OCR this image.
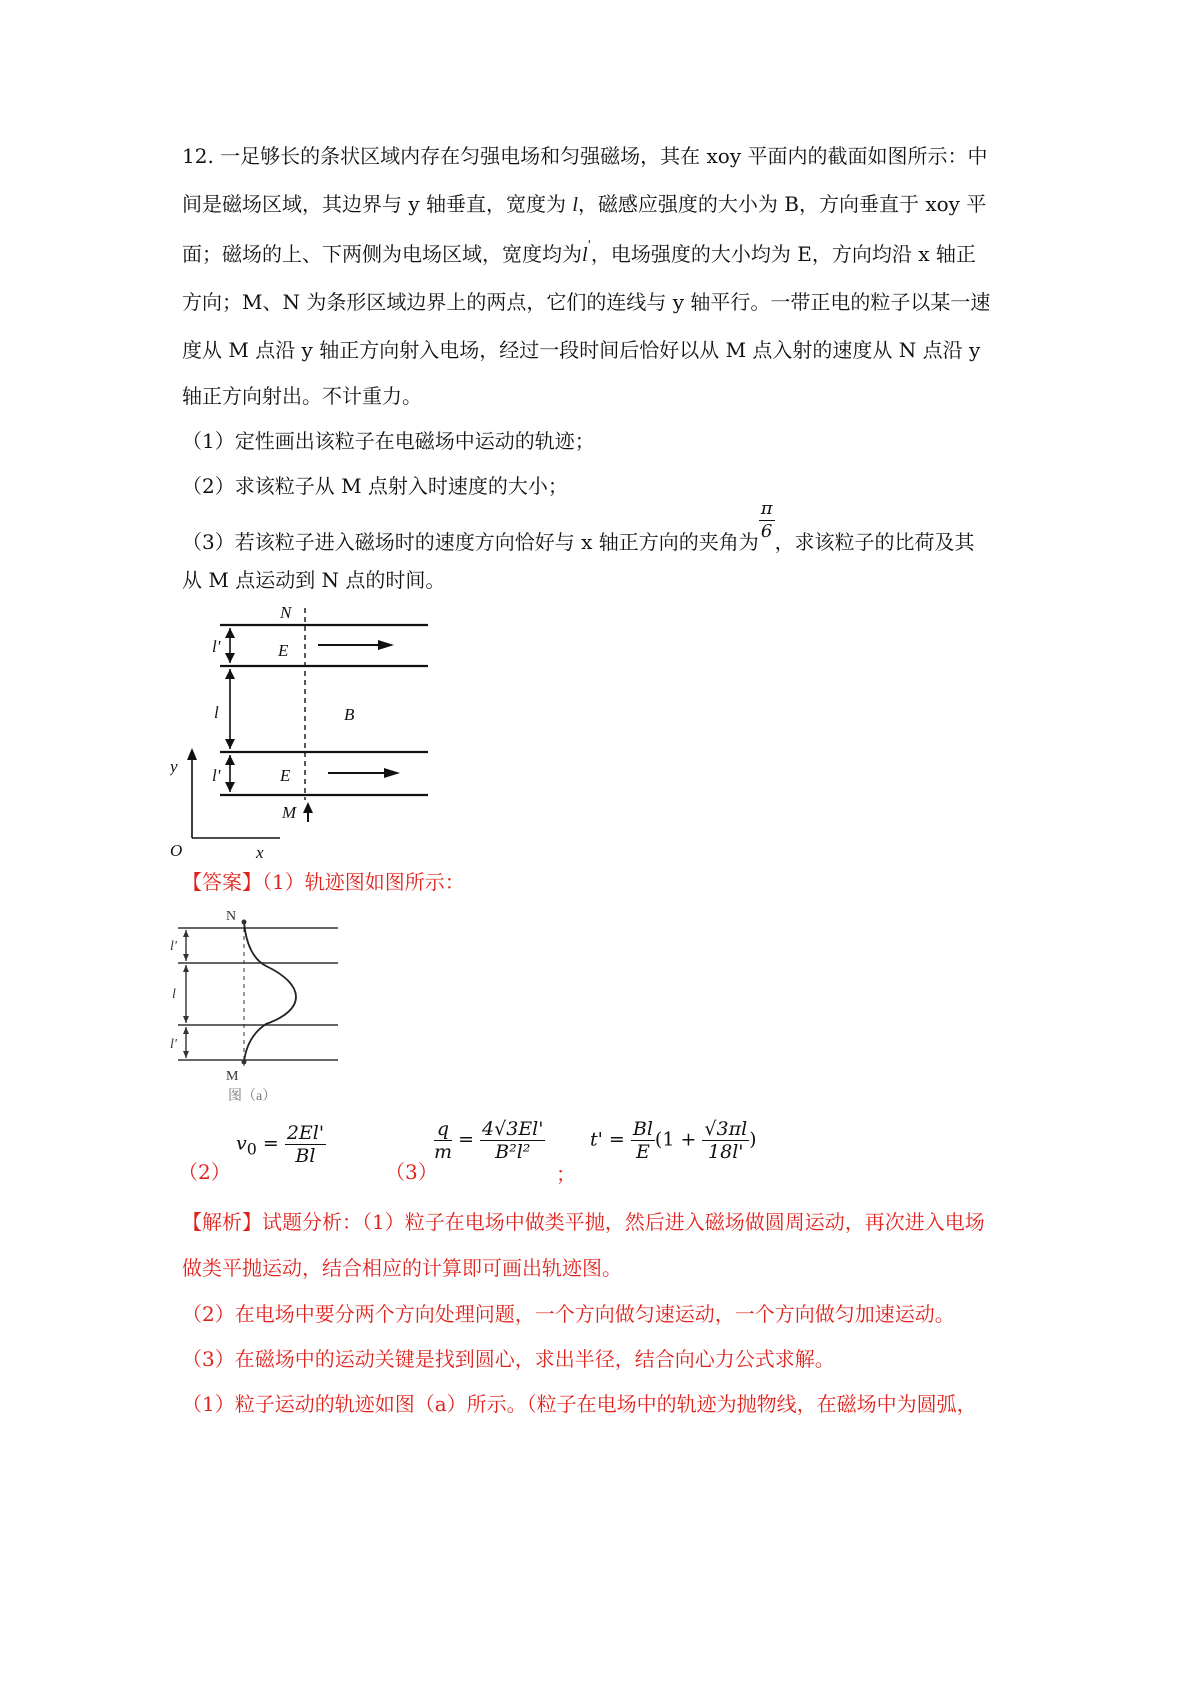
12. 一足够长的条状区域内存在匀强电场和匀强磁场，其在 xoy 平面内的截面如图所示：中
间是磁场区域，其边界与 y 轴垂直，宽度为 l，磁感应强度的大小为 B，方向垂直于 xoy 平
面；磁场的上、下两侧为电场区域，宽度均为l'，电场强度的大小均为 E，方向均沿 x 轴正
方向；M、N 为条形区域边界上的两点，它们的连线与 y 轴平行。一带正电的粒子以某一速
度从 M 点沿 y 轴正方向射入电场，经过一段时间后恰好以从 M 点入射的速度从 N 点沿 y
轴正方向射出。不计重力。
（1）定性画出该粒子在电磁场中运动的轨迹；
（2）求该粒子从 M 点射入时速度的大小；
（3）若该粒子进入磁场时的速度方向恰好与 x 轴正方向的夹角为 $\frac{\pi}{6}$ ，求该粒子的比荷及其
从 M 点运动到 N 点的时间。
N
l'	E
l	B
l'	E
M
y
x
O
【答案】（1）轨迹图如图所示：
N
M
l'
l
l'
图（a）
（2）
$v_0 = \frac{2El'}{Bl}$
（3）
$\frac{q}{m} = \frac{4√3El'}{\text{B²l²}}$
；
$t' = \frac{Bl}{E} (1 + \frac{√3\pi l}{18l'}$ )
【解析】试题分析：（1）粒子在电场中做类平抛，然后进入磁场做圆周运动，再次进入电场
做类平抛运动，结合相应的计算即可画出轨迹图。
（2）在电场中要分两个方向处理问题，一个方向做匀速运动，一个方向做匀加速运动。
（3）在磁场中的运动关键是找到圆心，求出半径，结合向心力公式求解。
（1）粒子运动的轨迹如图（a）所示。（粒子在电场中的轨迹为抛物线，在磁场中为圆弧，
